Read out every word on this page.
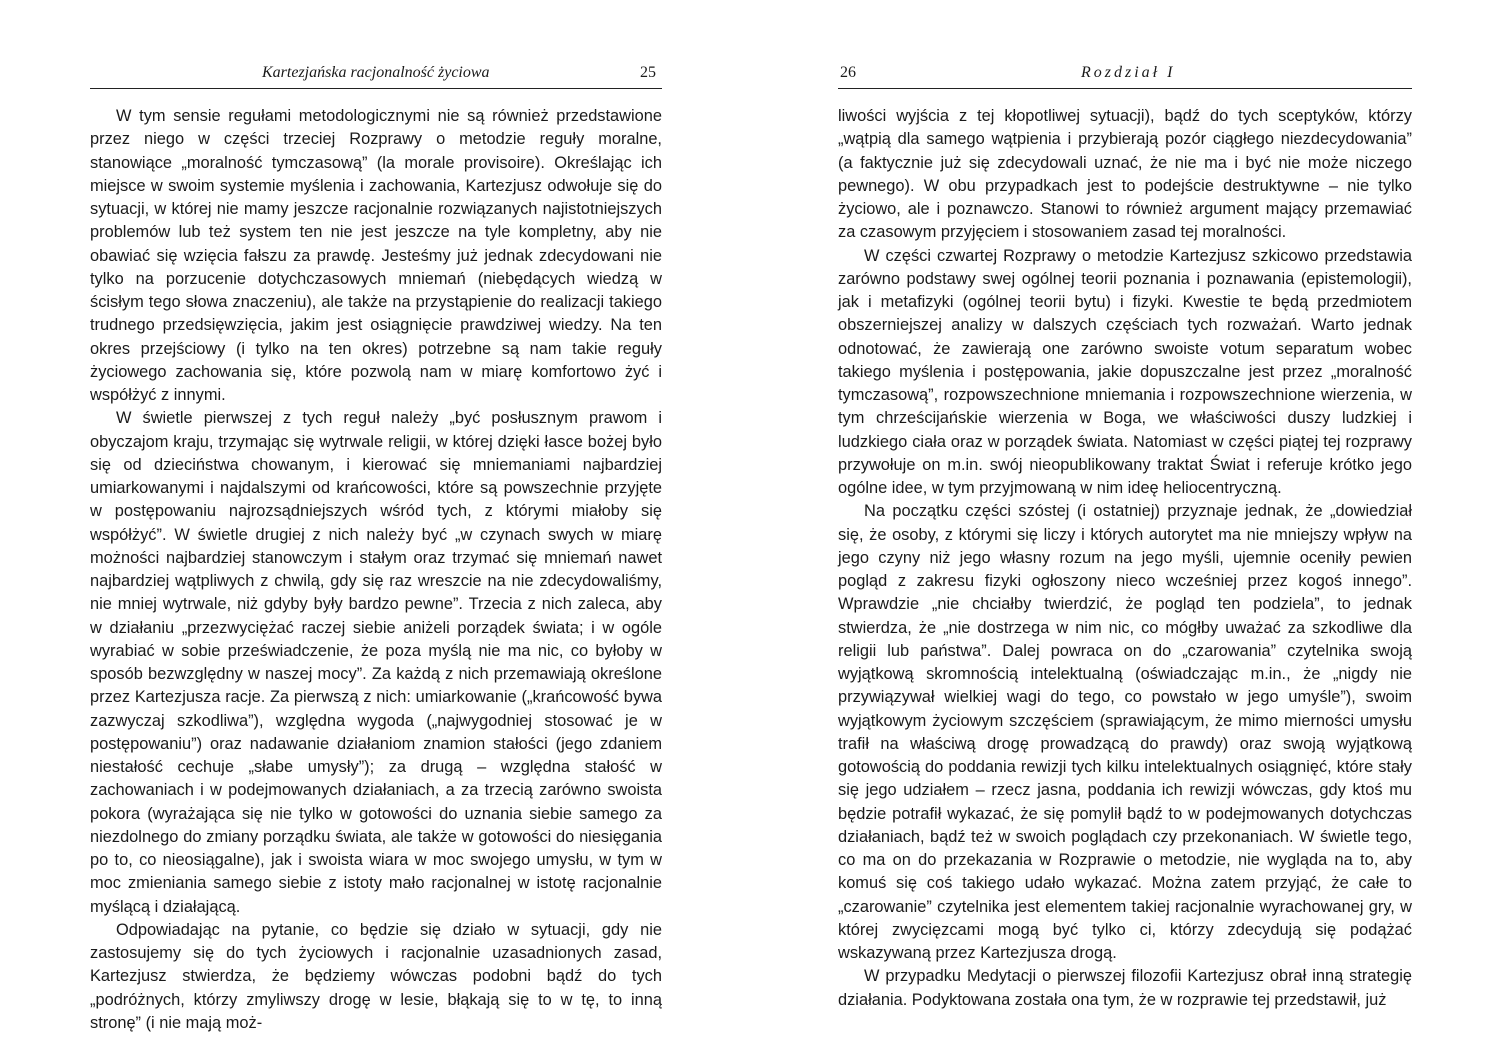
Kartezjańska racjonalność życiowa	25

W tym sensie regułami metodologicznymi nie są również przedstawione przez niego w części trzeciej Rozprawy o metodzie reguły moralne, stanowiące „moralność tymczasową” (la morale provisoire). Określając ich miejsce w swoim systemie myślenia i zachowania, Kartezjusz odwołuje się do sytuacji, w której nie mamy jeszcze racjonalnie rozwiązanych najistotniejszych problemów lub też system ten nie jest jeszcze na tyle kompletny, aby nie obawiać się wzięcia fałszu za prawdę. Jesteśmy już jednak zdecydowani nie tylko na porzucenie dotychczasowych mniemań (niebędących wiedzą w ścisłym tego słowa znaczeniu), ale także na przystąpienie do realizacji takiego trudnego przedsięwzięcia, jakim jest osiągnięcie prawdziwej wiedzy. Na ten okres przejściowy (i tylko na ten okres) potrzebne są nam takie reguły życiowego zachowania się, które pozwolą nam w miarę komfortowo żyć i współżyć z innymi.

W świetle pierwszej z tych reguł należy „być posłusznym prawom i obyczajom kraju, trzymając się wytrwale religii, w której dzięki łasce bożej było się od dzieciństwa chowanym, i kierować się mniemaniami najbardziej umiarkowanymi i najdalszymi od krańcowości, które są powszechnie przyjęte w postępowaniu najrozsądniejszych wśród tych, z którymi miałoby się współżyć”. W świetle drugiej z nich należy być „w czynach swych w miarę możności najbardziej stanowczym i stałym oraz trzymać się mniemań nawet najbardziej wątpliwych z chwilą, gdy się raz wreszcie na nie zdecydowaliśmy, nie mniej wytrwale, niż gdyby były bardzo pewne”. Trzecia z nich zaleca, aby w działaniu „przezwyciężać raczej siebie aniżeli porządek świata; i w ogóle wyrabiać w sobie przeświadczenie, że poza myślą nie ma nic, co byłoby w sposób bezwzględny w naszej mocy”. Za każdą z nich przemawiają określone przez Kartezjusza racje. Za pierwszą z nich: umiarkowanie („krańcowość bywa zazwyczaj szkodliwa”), względna wygoda („najwygodniej stosować je w postępowaniu”) oraz nadawanie działaniom znamion stałości (jego zdaniem niestałość cechuje „słabe umysły”); za drugą – względna stałość w zachowaniach i w podejmowanych działaniach, a za trzecią zarówno swoista pokora (wyrażająca się nie tylko w gotowości do uznania siebie samego za niezdolnego do zmiany porządku świata, ale także w gotowości do niesięgania po to, co nieosiągalne), jak i swoista wiara w moc swojego umysłu, w tym w moc zmieniania samego siebie z istoty mało racjonalnej w istotę racjonalnie myślącą i działającą.

Odpowiadając na pytanie, co będzie się działo w sytuacji, gdy nie zastosujemy się do tych życiowych i racjonalnie uzasadnionych zasad, Kartezjusz stwierdza, że będziemy wówczas podobni bądź do tych „podróżnych, którzy zmyliwszy drogę w lesie, błąkają się to w tę, to inną stronę” (i nie mają moż-

26	Rozdział I

liwości wyjścia z tej kłopotliwej sytuacji), bądź do tych sceptyków, którzy „wątpią dla samego wątpienia i przybierają pozór ciągłego niezdecydowania” (a faktycznie już się zdecydowali uznać, że nie ma i być nie może niczego pewnego). W obu przypadkach jest to podejście destruktywne – nie tylko życiowo, ale i poznawczo. Stanowi to również argument mający przemawiać za czasowym przyjęciem i stosowaniem zasad tej moralności.

W części czwartej Rozprawy o metodzie Kartezjusz szkicowo przedstawia zarówno podstawy swej ogólnej teorii poznania i poznawania (epistemologii), jak i metafizyki (ogólnej teorii bytu) i fizyki. Kwestie te będą przedmiotem obszerniejszej analizy w dalszych częściach tych rozważań. Warto jednak odnotować, że zawierają one zarówno swoiste votum separatum wobec takiego myślenia i postępowania, jakie dopuszczalne jest przez „moralność tymczasową”, rozpowszechnione mniemania i rozpowszechnione wierzenia, w tym chrześcijańskie wierzenia w Boga, we właściwości duszy ludzkiej i ludzkiego ciała oraz w porządek świata. Natomiast w części piątej tej rozprawy przywołuje on m.in. swój nieopublikowany traktat Świat i referuje krótko jego ogólne idee, w tym przyjmowaną w nim ideę heliocentryczną.

Na początku części szóstej (i ostatniej) przyznaje jednak, że „dowiedział się, że osoby, z którymi się liczy i których autorytet ma nie mniejszy wpływ na jego czyny niż jego własny rozum na jego myśli, ujemnie oceniły pewien pogląd z zakresu fizyki ogłoszony nieco wcześniej przez kogoś innego”. Wprawdzie „nie chciałby twierdzić, że pogląd ten podziela”, to jednak stwierdza, że „nie dostrzega w nim nic, co mógłby uważać za szkodliwe dla religii lub państwa”. Dalej powraca on do „czarowania” czytelnika swoją wyjątkową skromnością intelektualną (oświadczając m.in., że „nigdy nie przywiązywał wielkiej wagi do tego, co powstało w jego umyśle”), swoim wyjątkowym życiowym szczęściem (sprawiającym, że mimo mierności umysłu trafił na właściwą drogę prowadzącą do prawdy) oraz swoją wyjątkową gotowością do poddania rewizji tych kilku intelektualnych osiągnięć, które stały się jego udziałem – rzecz jasna, poddania ich rewizji wówczas, gdy ktoś mu będzie potrafił wykazać, że się pomylił bądź to w podejmowanych dotychczas działaniach, bądź też w swoich poglądach czy przekonaniach. W świetle tego, co ma on do przekazania w Rozprawie o metodzie, nie wygląda na to, aby komuś się coś takiego udało wykazać. Można zatem przyjąć, że całe to „czarowanie” czytelnika jest elementem takiej racjonalnie wyrachowanej gry, w której zwycięzcami mogą być tylko ci, którzy zdecydują się podążać wskazywaną przez Kartezjusza drogą.

W przypadku Medytacji o pierwszej filozofii Kartezjusz obrał inną strategię działania. Podyktowana została ona tym, że w rozprawie tej przedstawił, już
